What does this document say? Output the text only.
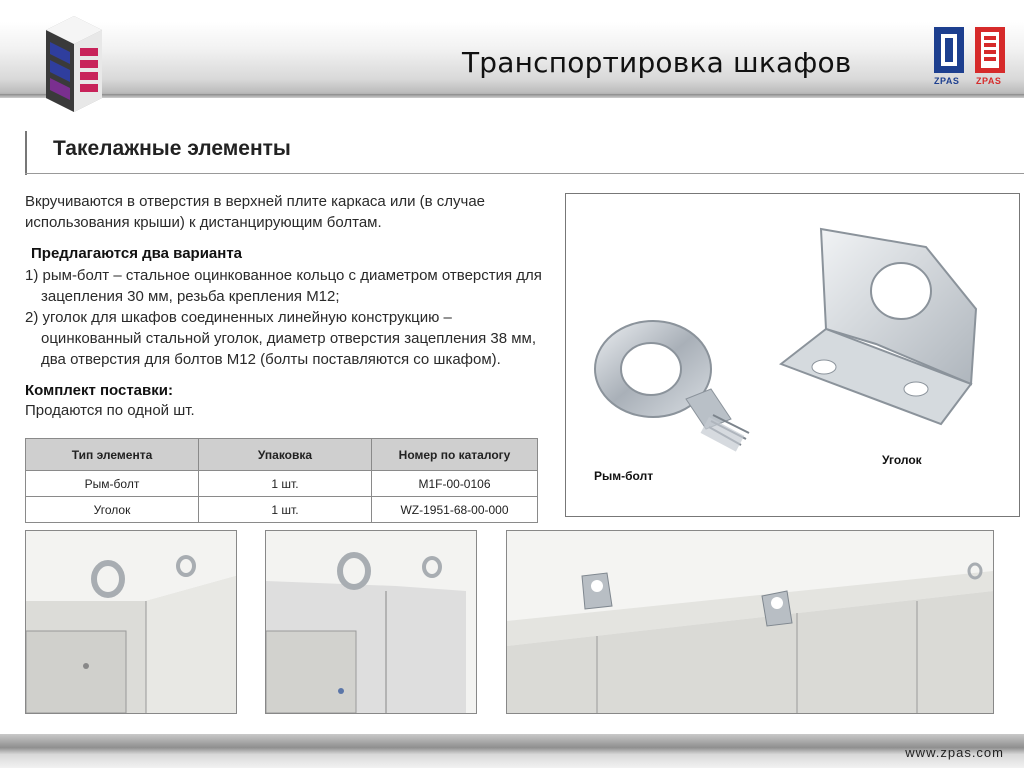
Транспортировка шкафов
ZPAS ZPAS
Такелажные элементы
Вкручиваются в отверстия в верхней плите каркаса или (в случае использования крыши) к дистанцирующим болтам.
Предлагаются два варианта
1) рым-болт – стальное оцинкованное кольцо с диаметром отверстия для зацепления 30 мм, резьба крепления М12;
2) уголок для шкафов соединенных линейную конструкцию – оцинкованный стальной уголок, диаметр отверстия зацепления 38 мм, два отверстия для болтов М12 (болты поставляются со шкафом).
Комплект поставки:
Продаются по одной шт.
Тип элемента	Упаковка	Номер по каталогу
Рым-болт	1 шт.	M1F-00-0106
Уголок	1 шт.	WZ-1951-68-00-000
Рым-болт
Уголок
www.zpas.com
